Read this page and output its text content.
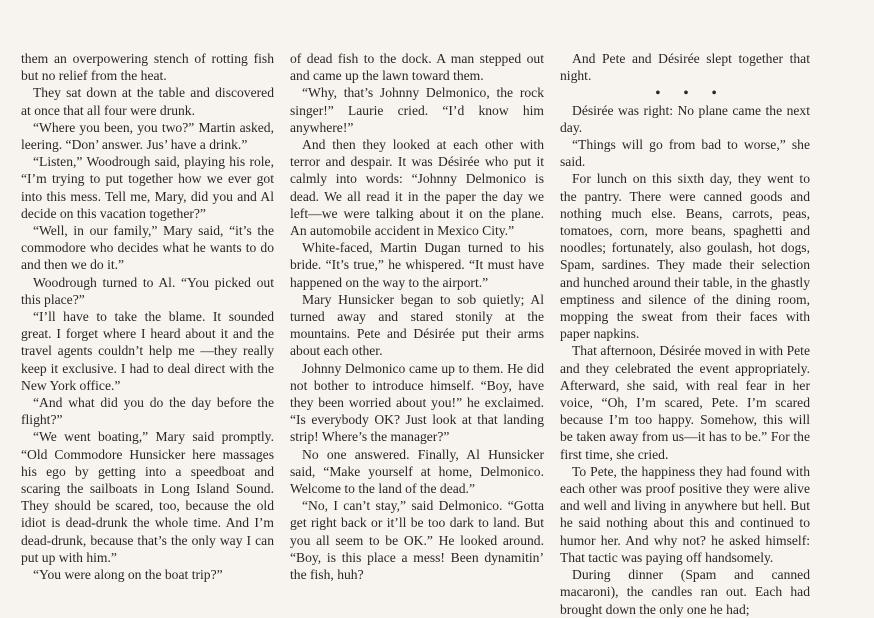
them an overpowering stench of rotting fish but no relief from the heat.

They sat down at the table and discovered at once that all four were drunk.

“Where you been, you two?” Martin asked, leering. “Don’ answer. Jus’ have a drink.”

“Listen,” Woodrough said, playing his role, “I’m trying to put together how we ever got into this mess. Tell me, Mary, did you and Al decide on this vacation together?”

“Well, in our family,” Mary said, “it’s the commodore who decides what he wants to do and then we do it.”

Woodrough turned to Al. “You picked out this place?”

“I’ll have to take the blame. It sounded great. I forget where I heard about it and the travel agents couldn’t help me —they really keep it exclusive. I had to deal direct with the New York office.”

“And what did you do the day before the flight?”

“We went boating,” Mary said promptly. “Old Commodore Hunsicker here massages his ego by getting into a speedboat and scaring the sailboats in Long Island Sound. They should be scared, too, because the old idiot is dead-drunk the whole time. And I’m dead-drunk, because that’s the only way I can put up with him.”

“You were along on the boat trip?”

of dead fish to the dock. A man stepped out and came up the lawn toward them.

“Why, that’s Johnny Delmonico, the rock singer!” Laurie cried. “I’d know him anywhere!”

And then they looked at each other with terror and despair. It was Désirée who put it calmly into words: “Johnny Delmonico is dead. We all read it in the paper the day we left—we were talking about it on the plane. An automobile accident in Mexico City.”

White-faced, Martin Dugan turned to his bride. “It’s true,” he whispered. “It must have happened on the way to the airport.”

Mary Hunsicker began to sob quietly; Al turned away and stared stonily at the mountains. Pete and Désirée put their arms about each other.

Johnny Delmonico came up to them. He did not bother to introduce himself. “Boy, have they been worried about you!” he exclaimed. “Is everybody OK? Just look at that landing strip! Where’s the manager?”

No one answered. Finally, Al Hunsicker said, “Make yourself at home, Delmonico. Welcome to the land of the dead.”

“No, I can’t stay,” said Delmonico. “Gotta get right back or it’ll be too dark to land. But you all seem to be OK.” He looked around. “Boy, is this place a mess! Been dynamitin’ the fish, huh?

And Pete and Désirée slept together that night.

• • •

Désirée was right: No plane came the next day.

“Things will go from bad to worse,” she said.

For lunch on this sixth day, they went to the pantry. There were canned goods and nothing much else. Beans, carrots, peas, tomatoes, corn, more beans, spaghetti and noodles; fortunately, also goulash, hot dogs, Spam, sardines. They made their selection and hunched around their table, in the ghastly emptiness and silence of the dining room, mopping the sweat from their faces with paper napkins.

That afternoon, Désirée moved in with Pete and they celebrated the event appropriately. Afterward, she said, with real fear in her voice, “Oh, I’m scared, Pete. I’m scared because I’m too happy. Somehow, this will be taken away from us—it has to be.” For the first time, she cried.

To Pete, the happiness they had found with each other was proof positive they were alive and well and living in anywhere but hell. But he said nothing about this and continued to humor her. And why not? he asked himself: That tactic was paying off handsomely.

During dinner (Spam and canned macaroni), the candles ran out. Each had brought down the only one he had;
